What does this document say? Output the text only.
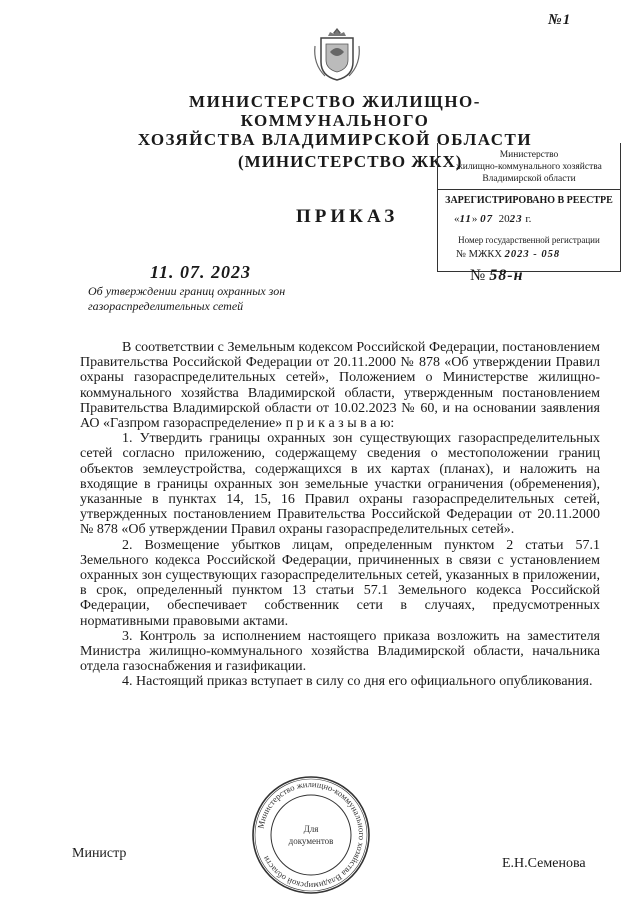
№1
МИНИСТЕРСТВО ЖИЛИЩНО-КОММУНАЛЬНОГО
ХОЗЯЙСТВА ВЛАДИМИРСКОЙ ОБЛАСТИ
(МИНИСТЕРСТВО ЖКХ)
ПРИКАЗ
Министерство
жилищно-коммунального хозяйства
Владимирской области
ЗАРЕГИСТРИРОВАНО В РЕЕСТРЕ
«11» 07 2023 г.
Номер государственной регистрации
№ МЖКХ 2023 - 058
11. 07. 2023	№ 58-н
Об утверждении границ охранных зон
газораспределительных сетей

В соответствии с Земельным кодексом Российской Федерации, постановлением Правительства Российской Федерации от 20.11.2000 № 878 «Об утверждении Правил охраны газораспределительных сетей», Положением о Министерстве жилищно-коммунального хозяйства Владимирской области, утвержденным постановлением Правительства Владимирской области от 10.02.2023 № 60, и на основании заявления АО «Газпром газораспределение» п р и к а з ы в а ю:

1. Утвердить границы охранных зон существующих газораспределительных сетей согласно приложению, содержащему сведения о местоположении границ объектов землеустройства, содержащихся в их картах (планах), и наложить на входящие в границы охранных зон земельные участки ограничения (обременения), указанные в пунктах 14, 15, 16 Правил охраны газораспределительных сетей, утвержденных постановлением Правительства Российской Федерации от 20.11.2000 № 878 «Об утверждении Правил охраны газораспределительных сетей».

2. Возмещение убытков лицам, определенным пунктом 2 статьи 57.1 Земельного кодекса Российской Федерации, причиненных в связи с установлением охранных зон существующих газораспределительных сетей, указанных в приложении, в срок, определенный пунктом 13 статьи 57.1 Земельного кодекса Российской Федерации, обеспечивает собственник сети в случаях, предусмотренных нормативными правовыми актами.

3. Контроль за исполнением настоящего приказа возложить на заместителя Министра жилищно-коммунального хозяйства Владимирской области, начальника отдела газоснабжения и газификации.

4. Настоящий приказ вступает в силу со дня его официального опубликования.

Министр
Е.Н.Семенова
Министерство жилищно-коммунального хозяйства Владимирской области
Для
документов
